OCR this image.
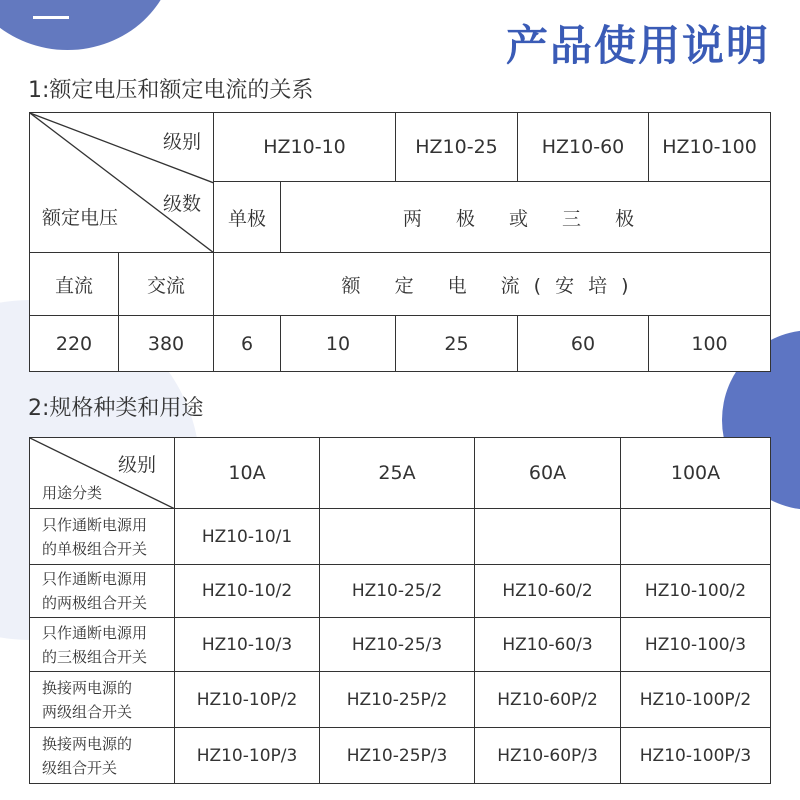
产品使用说明
1:额定电压和额定电流的关系
级别
级数
额定电压		HZ10-10		HZ10-25	HZ10-60	HZ10-100
		单极	两 极 或 三 极			
直流	交流	额 定 电 流(安培)				
220	380	6	10	25	60	100
2:规格种类和用途
级别
用途分类	10A	25A	60A	100A
只作通断电源用
的单极组合开关	HZ10-10/1			
只作通断电源用
的两极组合开关	HZ10-10/2	HZ10-25/2	HZ10-60/2	HZ10-100/2
只作通断电源用
的三极组合开关	HZ10-10/3	HZ10-25/3	HZ10-60/3	HZ10-100/3
换接两电源的
两级组合开关	HZ10-10P/2	HZ10-25P/2	HZ10-60P/2	HZ10-100P/2
换接两电源的
级组合开关	HZ10-10P/3	HZ10-25P/3	HZ10-60P/3	HZ10-100P/3
